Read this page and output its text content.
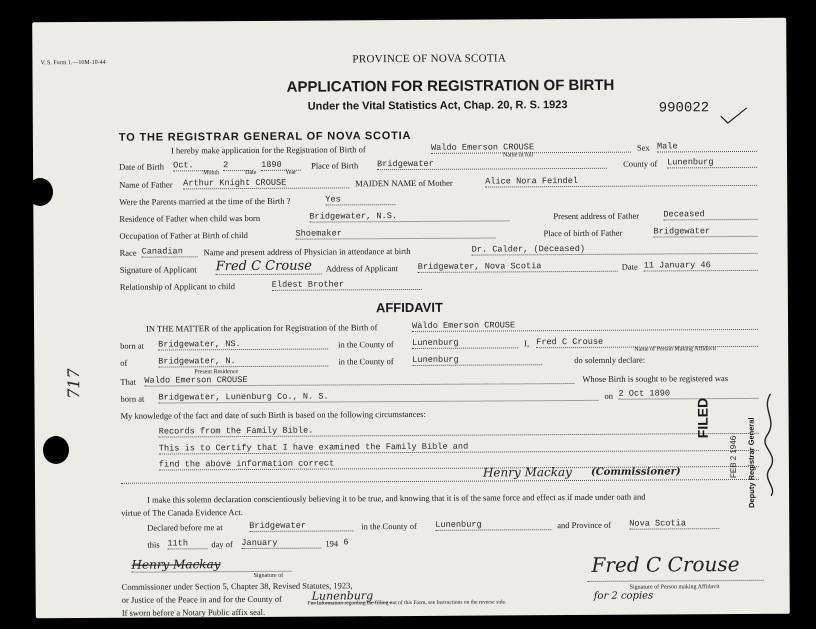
V. S. Form 1.—10M-10-44	PROVINCE OF NOVA SCOTIA
APPLICATION FOR REGISTRATION OF BIRTH
Under the Vital Statistics Act, Chap. 20, R. S. 1923	990022
TO THE REGISTRAR GENERAL OF NOVA SCOTIA
I hereby make application for the Registration of Birth of	Waldo Emerson CROUSE
Name in full
Sex Male
Date of Birth Oct.	2	1890
Month	Date	Year
Place of Birth Bridgewater	County of Lunenburg
Name of Father Arthur Knight CROUSE	MAIDEN NAME of Mother	Alice Nora Feindel
Were the Parents married at the time of the Birth ?	Yes
Residence of Father when child was born	Bridgewater, N.S.	Present address of Father	Deceased
Occupation of Father at Birth of child	Shoemaker	Place of birth of Father	Bridgewater
Race Canadian	Name and present address of Physician in attendance at birth	Dr. Calder, (Deceased)
Signature of Applicant Fred C Crouse	Address of Applicant Bridgewater, Nova Scotia	Date 11 January 46
Relationship of Applicant to child	Eldest Brother
AFFIDAVIT
IN THE MATTER of the application for Registration of the Birth of	Waldo Emerson CROUSE
born at Bridgewater, NS.	in the County of Lunenburg	I, Fred C Crouse
Name of Person Making Affidavit
of	Bridgewater, N.	in the County of Lunenburg	do solemnly declare:
Present Residence
That Waldo Emerson CROUSE	Whose Birth is sought to be registered was
born at Bridgewater, Lunenburg Co., N. S.	on 2 Oct 1890
My knowledge of the fact and date of such Birth is based on the following circumstances:
Records from the Family Bible.
This is to Certify that I have examined the Family Bible and
find the above information correct
Henry Mackay (Commissioner)
I make this solemn declaration conscientiously believing it to be true, and knowing that it is of the same force and effect as if made under oath and
virtue of The Canada Evidence Act.
Declared before me at	Bridgewater	in the County of Lunenburg	and Province of Nova Scotia
this 11th	day of January	194 6
Henry Mackay
Signature of
Commissioner under Section 5, Chapter 38, Revised Statutes, 1923,
or Justice of the Peace in and for the County of	Lunenburg
If sworn before a Notary Public affix seal.
Fred C Crouse
Signature of Person making Affidavit
For Information regarding the filling out of this Form, see Instructions on the reverse side.
for 2 copies
717
FILED
FEB 2 1946 Deputy Registrar General
